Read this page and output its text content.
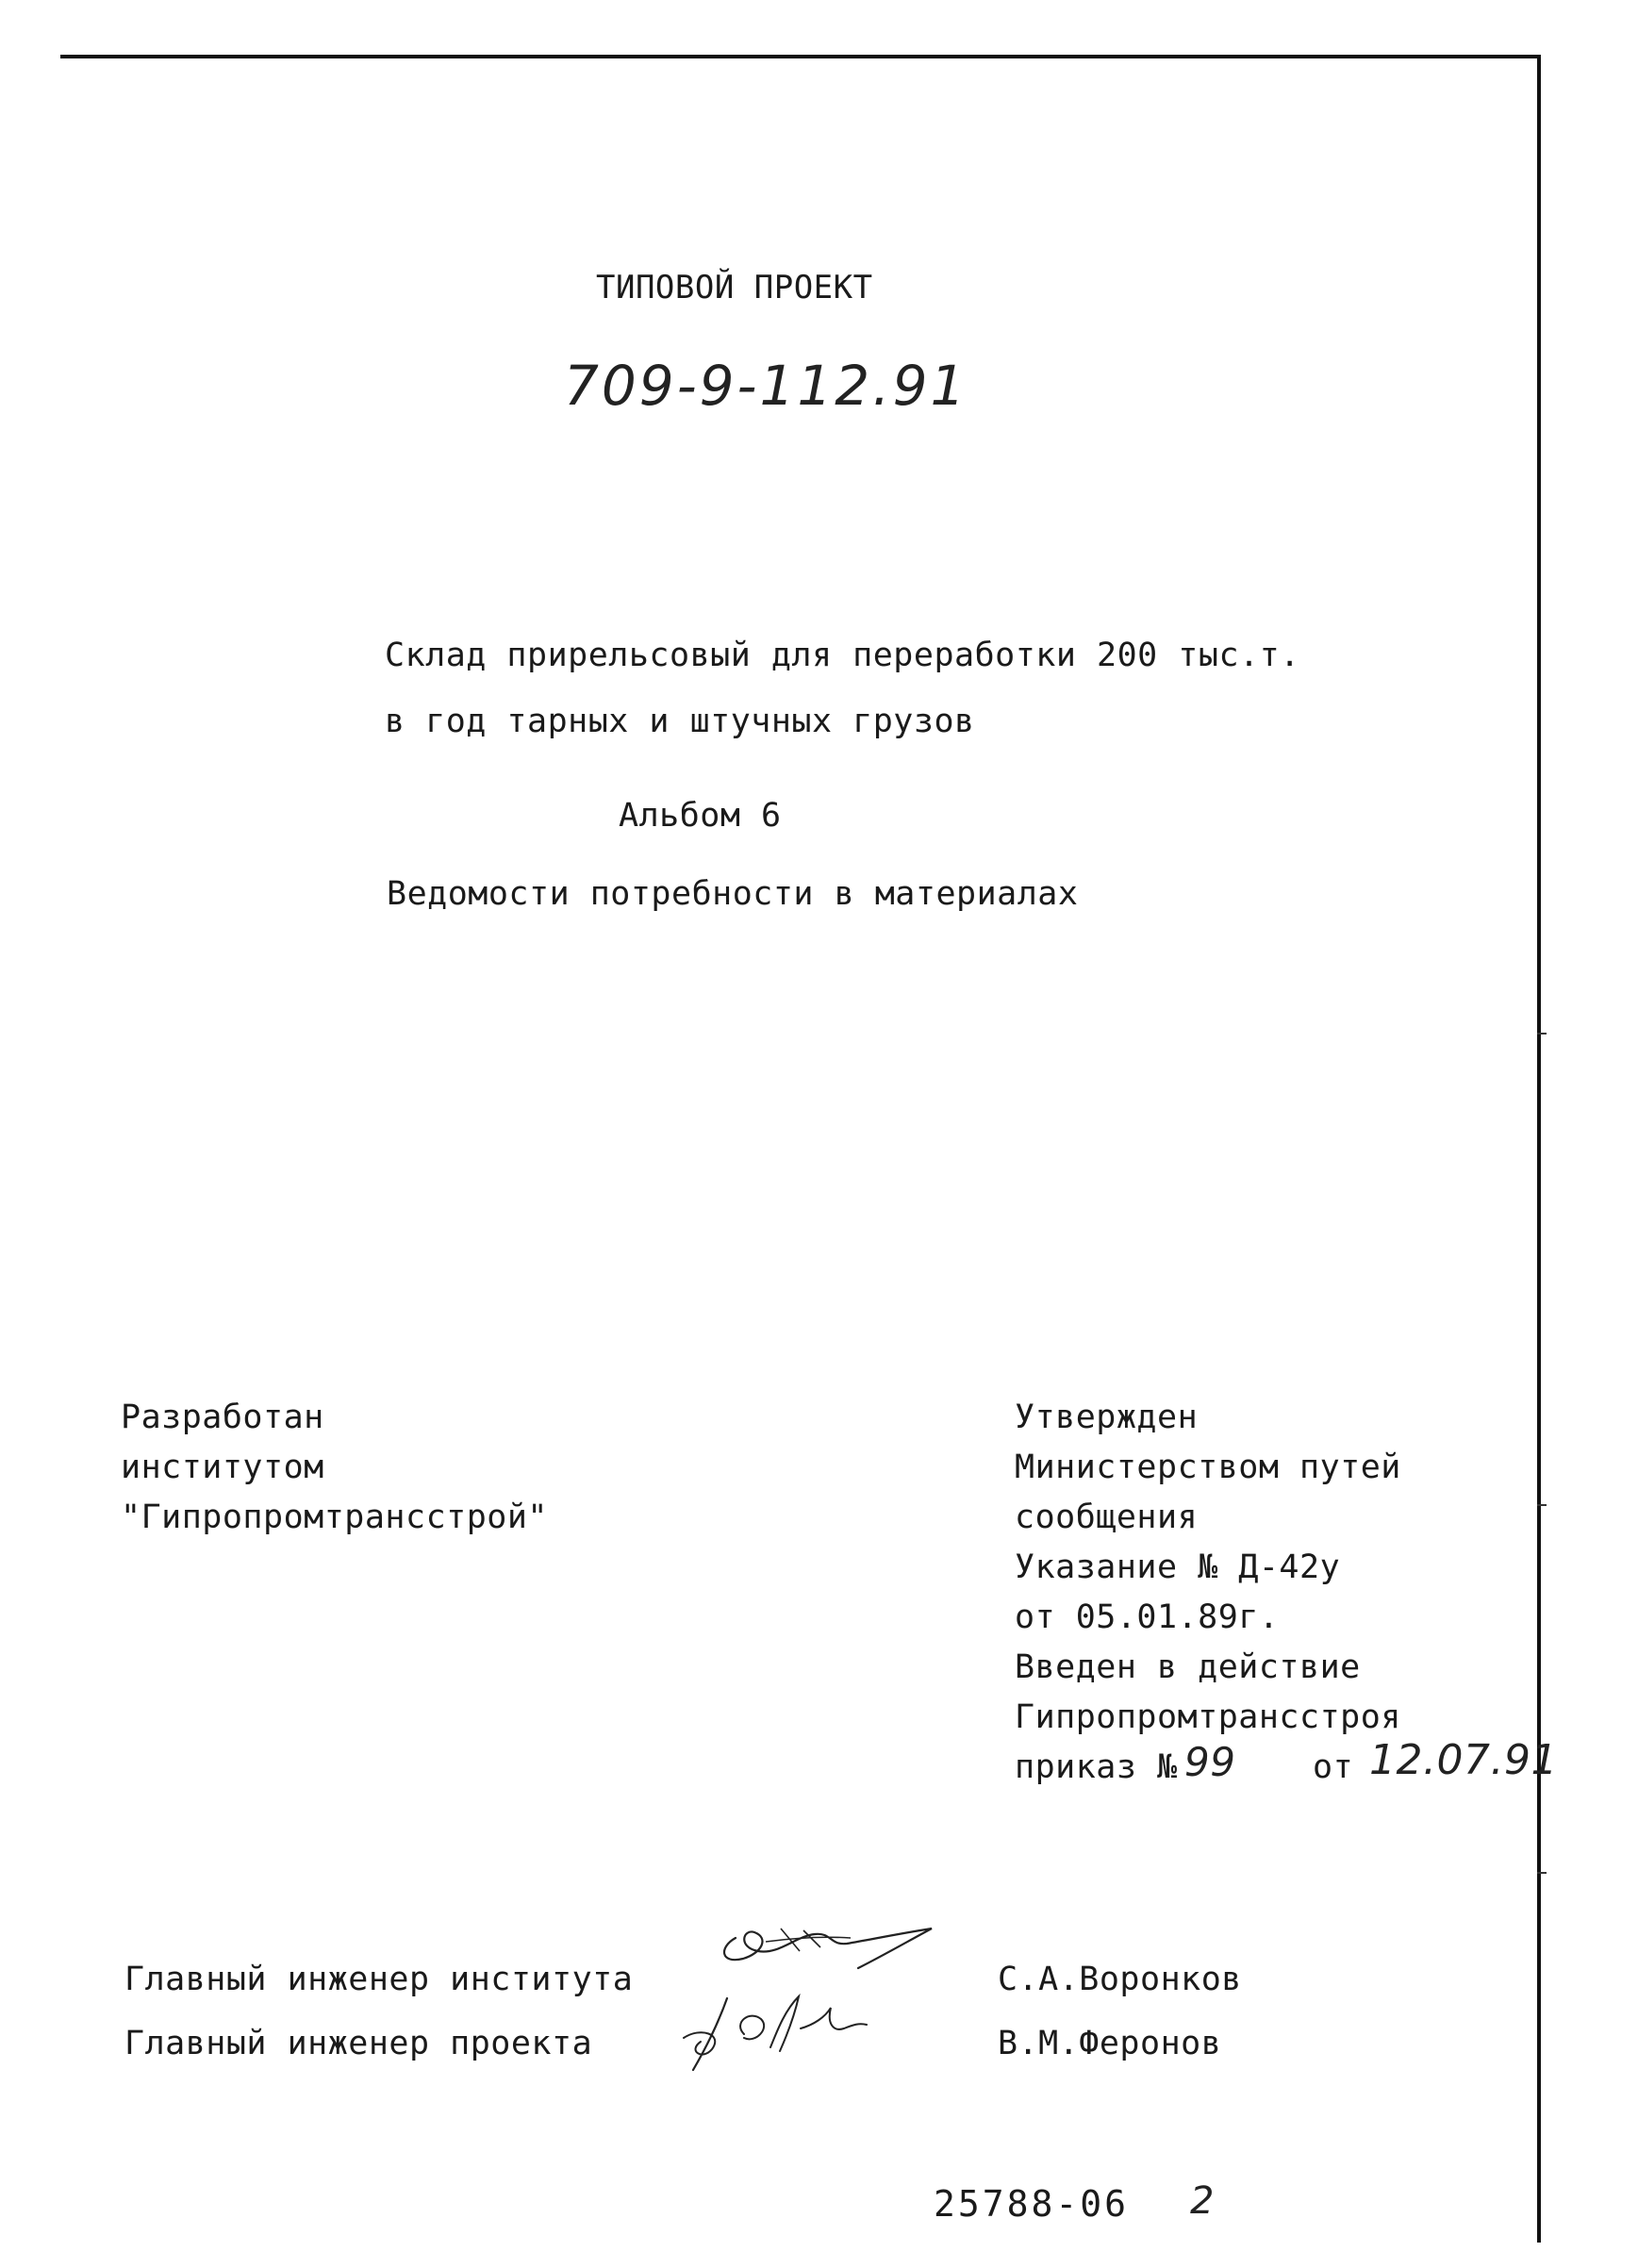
ТИПОВОЙ ПРОЕКТ
709-9-112.91
Склад прирельсовый для переработки 200 тыс.т.
в год тарных и штучных грузов
Альбом 6
Ведомости потребности в материалах
Разработан
институтом
"Гипропромтрансстрой"
Утвержден
Министерством путей
сообщения
Указание № Д-42у
от 05.01.89г.
Введен в действие
Гипропромтрансстроя
приказ № 99 от 12.07.91
Главный инженер института	С.А.Воронков
Главный инженер проекта	В.М.Феронов
25788-06 2
